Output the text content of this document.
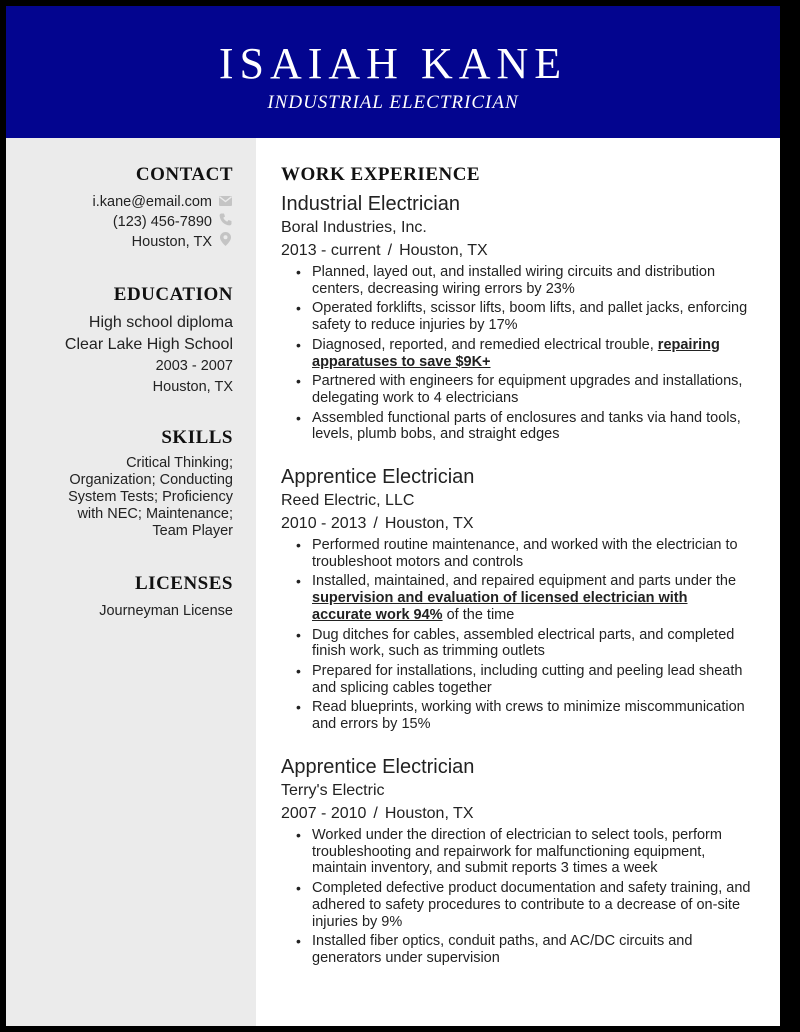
ISAIAH KANE
INDUSTRIAL ELECTRICIAN
CONTACT
i.kane@email.com
(123) 456-7890
Houston, TX
EDUCATION
High school diploma
Clear Lake High School
2003 - 2007
Houston, TX
SKILLS
Critical Thinking;
Organization; Conducting
System Tests; Proficiency
with NEC; Maintenance;
Team Player
LICENSES
Journeyman License
WORK EXPERIENCE
Industrial Electrician
Boral Industries, Inc.
2013 - current / Houston, TX
• Planned, layed out, and installed wiring circuits and distribution centers, decreasing wiring errors by 23%
• Operated forklifts, scissor lifts, boom lifts, and pallet jacks, enforcing safety to reduce injuries by 17%
• Diagnosed, reported, and remedied electrical trouble, repairing apparatuses to save $9K+
• Partnered with engineers for equipment upgrades and installations, delegating work to 4 electricians
• Assembled functional parts of enclosures and tanks via hand tools, levels, plumb bobs, and straight edges
Apprentice Electrician
Reed Electric, LLC
2010 - 2013 / Houston, TX
• Performed routine maintenance, and worked with the electrician to troubleshoot motors and controls
• Installed, maintained, and repaired equipment and parts under the supervision and evaluation of licensed electrician with accurate work 94% of the time
• Dug ditches for cables, assembled electrical parts, and completed finish work, such as trimming outlets
• Prepared for installations, including cutting and peeling lead sheath and splicing cables together
• Read blueprints, working with crews to minimize miscommunication and errors by 15%
Apprentice Electrician
Terry's Electric
2007 - 2010 / Houston, TX
• Worked under the direction of electrician to select tools, perform troubleshooting and repairwork for malfunctioning equipment, maintain inventory, and submit reports 3 times a week
• Completed defective product documentation and safety training, and adhered to safety procedures to contribute to a decrease of on-site injuries by 9%
• Installed fiber optics, conduit paths, and AC/DC circuits and generators under supervision
